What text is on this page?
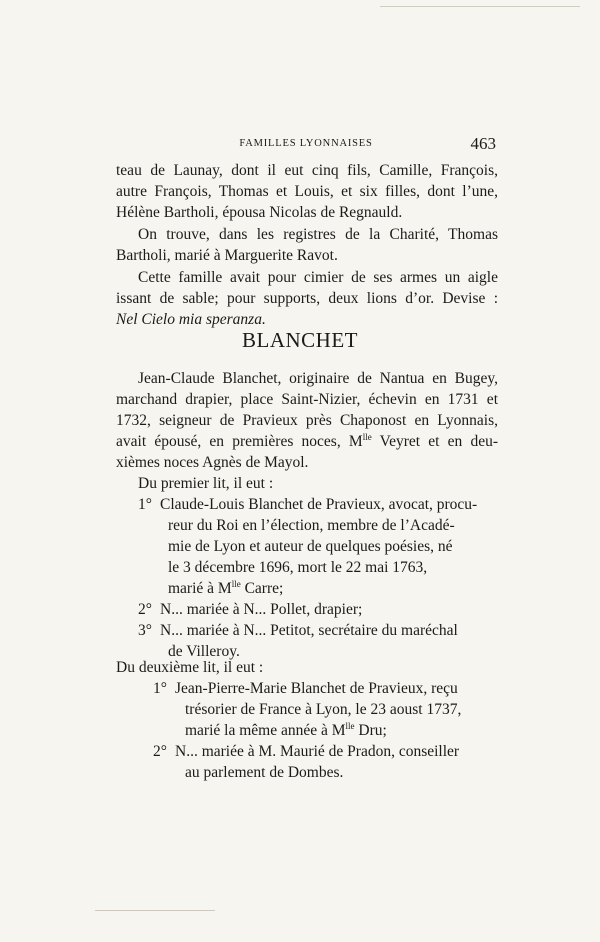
FAMILLES LYONNAISES	463
teau de Launay, dont il eut cinq fils, Camille, François,
autre François, Thomas et Louis, et six filles, dont l’une,
Hélène Bartholi, épousa Nicolas de Regnauld.
On trouve, dans les registres de la Charité, Thomas
Bartholi, marié à Marguerite Ravot.
Cette famille avait pour cimier de ses armes un aigle
issant de sable; pour supports, deux lions d’or. Devise :
Nel Cielo mia speranza.
BLANCHET
Jean-Claude Blanchet, originaire de Nantua en Bugey,
marchand drapier, place Saint-Nizier, échevin en 1731 et
1732, seigneur de Pravieux près Chaponost en Lyonnais,
avait épousé, en premières noces, $M^{lle}$ Veyret et en deu-
xièmes noces Agnès de Mayol.
Du premier lit, il eut :
1° Claude-Louis Blanchet de Pravieux, avocat, procu-
reur du Roi en l’élection, membre de l’Acadé-
mie de Lyon et auteur de quelques poésies, né
le 3 décembre 1696, mort le 22 mai 1763,
marié à $M^{lle}$ Carre;
2° N... mariée à N... Pollet, drapier;
3° N... mariée à N... Petitot, secrétaire du maréchal
de Villeroy.
Du deuxième lit, il eut :
1° Jean-Pierre-Marie Blanchet de Pravieux, reçu
trésorier de France à Lyon, le 23 aoust 1737,
marié la même année à $M^{lle}$ Dru;
2° N... mariée à M. Maurié de Pradon, conseiller
au parlement de Dombes.
